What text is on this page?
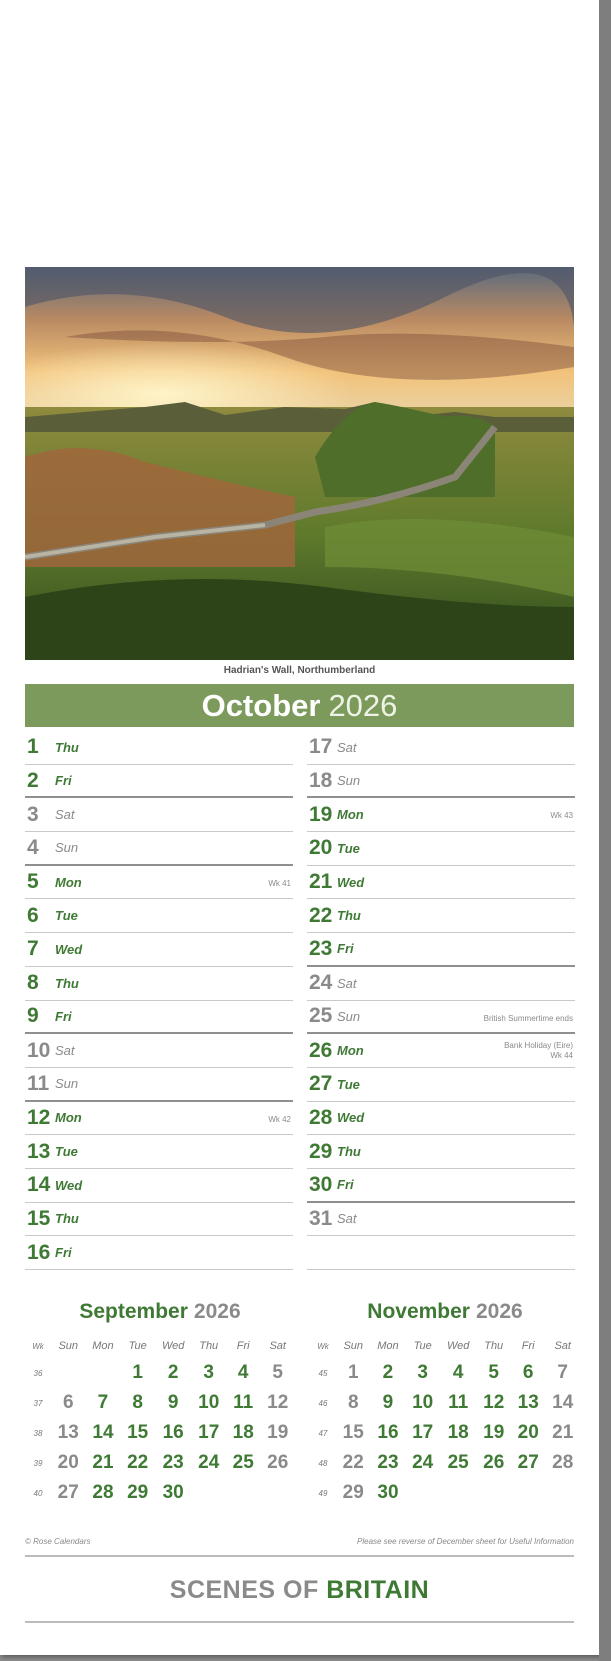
Hadrian's Wall, Northumberland
October 2026
1	Thu
2	Fri
3	Sat
4	Sun
5	Mon	Wk 41
6	Tue
7	Wed
8	Thu
9	Fri
10 Sat
11 Sun
12 Mon	Wk 42
13 Tue
14 Wed
15 Thu
16 Fri
17 Sat
18 Sun
19 Mon	Wk 43
20 Tue
21 Wed
22 Thu
23 Fri
24 Sat
25 Sun	British Summertime ends
26 Mon	Bank Holiday (Eire)
Wk 44
27 Tue
28 Wed
29 Thu
30 Fri
31 Sat
September 2026
Wk	Sun	Mon	Tue	Wed	Thu	Fri	Sat
36			1	2	3	4	5
37	6	7	8	9	10	11	12
38	13	14	15	16	17	18	19
39	20	21	22	23	24	25	26
40	27	28	29	30			
November 2026
Wk	Sun	Mon	Tue	Wed	Thu	Fri	Sat
45	1	2	3	4	5	6	7
46	8	9	10	11	12	13	14
47	15	16	17	18	19	20	21
48	22	23	24	25	26	27	28
49	29	30					
© Rose Calendars	Please see reverse of December sheet for Useful Information
SCENES OF BRITAIN
